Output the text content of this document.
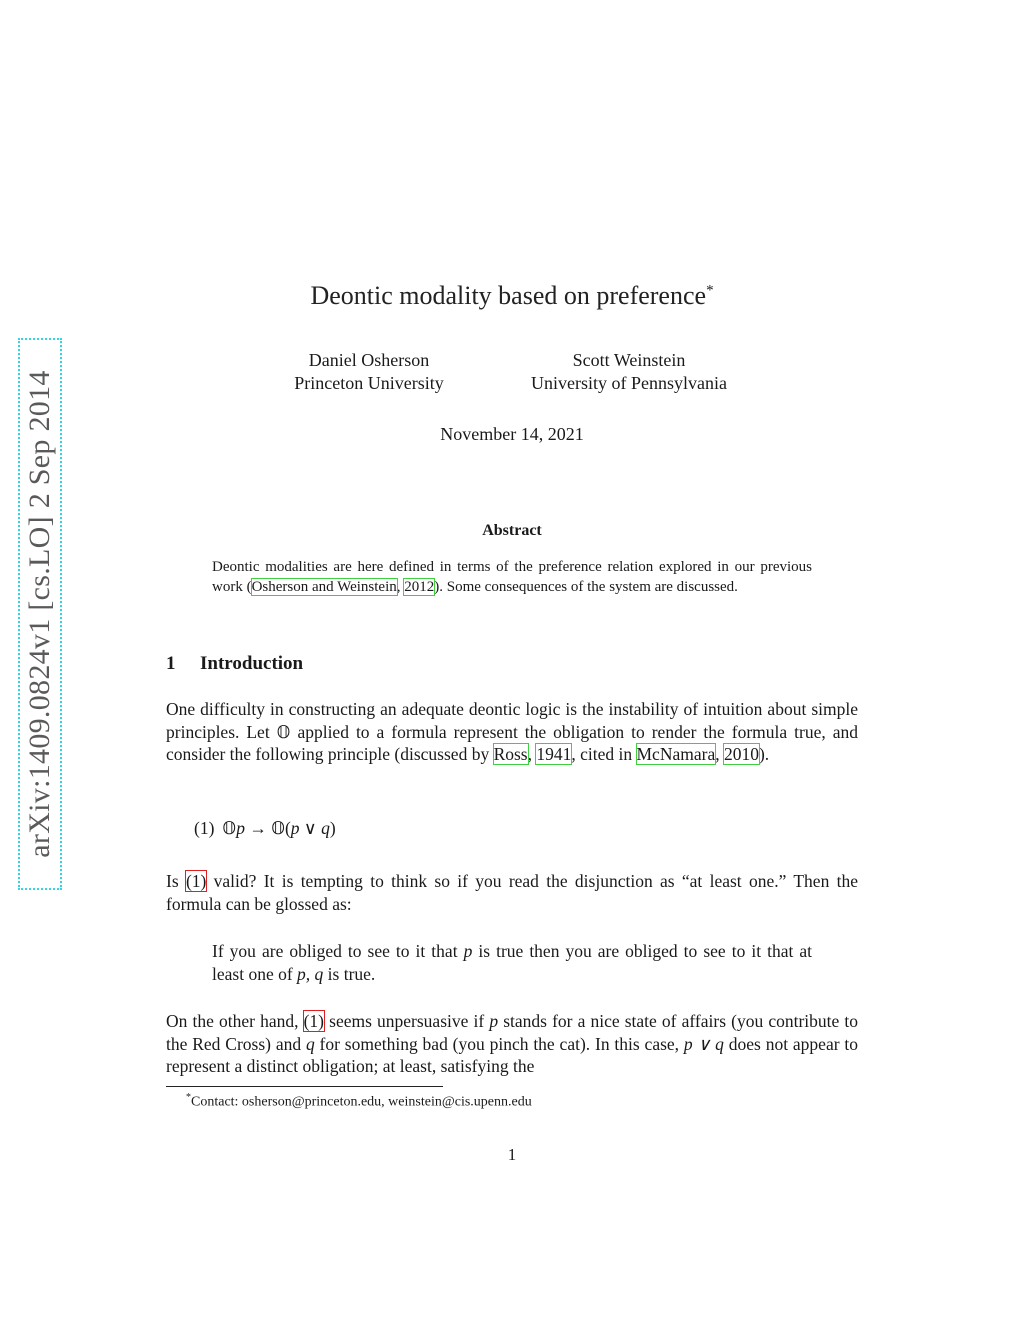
arXiv:1409.0824v1 [cs.LO] 2 Sep 2014
Deontic modality based on preference*
Daniel Osherson
Princeton University
Scott Weinstein
University of Pennsylvania
November 14, 2021
Abstract
Deontic modalities are here defined in terms of the preference relation explored in our previous work (Osherson and Weinstein, 2012). Some consequences of the system are discussed.
1 Introduction
One difficulty in constructing an adequate deontic logic is the instability of intuition about simple principles. Let 𝕆 applied to a formula represent the obligation to render the formula true, and consider the following principle (discussed by Ross, 1941, cited in McNamara, 2010).
(1) 𝕆p → 𝕆(p ∨ q)
Is (1) valid? It is tempting to think so if you read the disjunction as “at least one.” Then the formula can be glossed as:
If you are obliged to see to it that p is true then you are obliged to see to it that at least one of p, q is true.
On the other hand, (1) seems unpersuasive if p stands for a nice state of affairs (you contribute to the Red Cross) and q for something bad (you pinch the cat). In this case, p ∨ q does not appear to represent a distinct obligation; at least, satisfying the
*Contact: osherson@princeton.edu, weinstein@cis.upenn.edu
1
